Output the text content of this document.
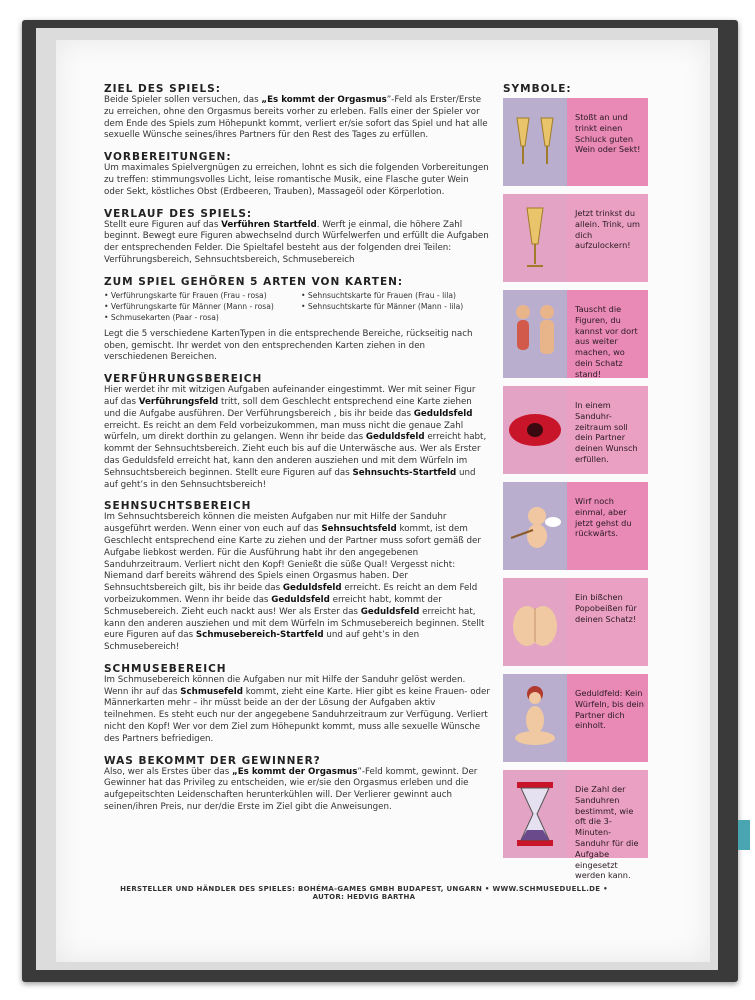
ZIEL DES SPIELS:

Beide Spieler sollen versuchen, das „Es kommt der Orgasmus”-Feld als Erster/Erste zu erreichen, ohne den Orgasmus bereits vorher zu erleben. Falls einer der Spieler vor dem Ende des Spiels zum Höhepunkt kommt, verliert er/sie sofort das Spiel und hat alle sexuelle Wünsche seines/ihres Partners für den Rest des Tages zu erfüllen.

VORBEREITUNGEN:

Um maximales Spielvergnügen zu erreichen, lohnt es sich die folgenden Vorbereitungen zu treffen: stimmungsvolles Licht, leise romantische Musik, eine Flasche guter Wein oder Sekt, köstliches Obst (Erdbeeren, Trauben), Massageöl oder Körperlotion.

VERLAUF DES SPIELS:

Stellt eure Figuren auf das Verführen Startfeld. Werft je einmal, die höhere Zahl beginnt. Bewegt eure Figuren abwechselnd durch Würfelwerfen und erfüllt die Aufgaben der entsprechenden Felder. Die Spieltafel besteht aus der folgenden drei Teilen: Verführungsbereich, Sehnsuchtsbereich, Schmusebereich

ZUM SPIEL GEHÖREN 5 ARTEN VON KARTEN:
• Verführungskarte für Frauen (Frau - rosa)	• Sehnsuchtskarte für Frauen (Frau - lila)
• Verführungskarte für Männer (Mann - rosa)	• Sehnsuchtskarte für Männer (Mann - lila)
• Schmusekarten (Paar - rosa)

Legt die 5 verschiedene KartenTypen in die entsprechende Bereiche, rückseitig nach oben, gemischt. Ihr werdet von den entsprechenden Karten ziehen in den verschiedenen Bereichen.

VERFÜHRUNGSBEREICH

Hier werdet ihr mit witzigen Aufgaben aufeinander eingestimmt. Wer mit seiner Figur auf das Verführungsfeld tritt, soll dem Geschlecht entsprechend eine Karte ziehen und die Aufgabe ausführen. Der Verführungsbereich , bis ihr beide das Geduldsfeld erreicht. Es reicht an dem Feld vorbeizukommen, man muss nicht die genaue Zahl würfeln, um direkt dorthin zu gelangen. Wenn ihr beide das Geduldsfeld erreicht habt, kommt der Sehnsuchtsbereich. Zieht euch bis auf die Unterwäsche aus. Wer als Erster das Geduldsfeld erreicht hat, kann den anderen ausziehen und mit dem Würfeln im Sehnsuchtsbereich beginnen. Stellt eure Figuren auf das Sehnsuchts-Startfeld und auf geht’s in den Sehnsuchtsbereich!

SEHNSUCHTSBEREICH

Im Sehnsuchtsbereich können die meisten Aufgaben nur mit Hilfe der Sanduhr ausgeführt werden. Wenn einer von euch auf das Sehnsuchtsfeld kommt, ist dem Geschlecht entsprechend eine Karte zu ziehen und der Partner muss sofort gemäß der Aufgabe liebkost werden. Für die Ausführung habt ihr den angegebenen Sanduhrzeitraum. Verliert nicht den Kopf! Genießt die süße Qual! Vergesst nicht: Niemand darf bereits während des Spiels einen Orgasmus haben. Der Sehnsuchtsbereich gilt, bis ihr beide das Geduldsfeld erreicht. Es reicht an dem Feld vorbeizukommen. Wenn ihr beide das Geduldsfeld erreicht habt, kommt der Schmusebereich. Zieht euch nackt aus! Wer als Erster das Geduldsfeld erreicht hat, kann den anderen ausziehen und mit dem Würfeln im Schmusebereich beginnen. Stellt eure Figuren auf das Schmusebereich-Startfeld und auf geht’s in den Schmusebereich!

SCHMUSEBEREICH

Im Schmusebereich können die Aufgaben nur mit Hilfe der Sanduhr gelöst werden. Wenn ihr auf das Schmusefeld kommt, zieht eine Karte. Hier gibt es keine Frauen- oder Männerkarten mehr – ihr müsst beide an der der Lösung der Aufgaben aktiv teilnehmen. Es steht euch nur der angegebene Sanduhrzeitraum zur Verfügung. Verliert nicht den Kopf! Wer vor dem Ziel zum Höhepunkt kommt, muss alle sexuelle Wünsche des Partners befriedigen.

WAS BEKOMMT DER GEWINNER?

Also, wer als Erstes über das „Es kommt der Orgasmus”-Feld kommt, gewinnt. Der Gewinner hat das Privileg zu entscheiden, wie er/sie den Orgasmus erleben und die aufgepeitschten Leidenschaften herunterkühlen will. Der Verlierer gewinnt auch seinen/ihren Preis, nur der/die Erste im Ziel gibt die Anweisungen.

HERSTELLER UND HÄNDLER DES SPIELES: BOHÉMA-GAMES GMBH BUDAPEST, UNGARN • WWW.SCHMUSEDUELL.DE • AUTOR: HEDVIG BARTHA
SYMBOLE:
Stoßt an und trinkt einen Schluck guten Wein oder Sekt!
Jetzt trinkst du allein. Trink, um dich aufzulockern!
Tauscht die Figuren, du kannst vor dort aus weiter machen, wo dein Schatz stand!
In einem Sanduhr-zeitraum soll dein Partner deinen Wunsch erfüllen.
Wirf noch einmal, aber jetzt gehst du rückwärts.
Ein bißchen Popobeißen für deinen Schatz!
Geduldfeld: Kein Würfeln, bis dein Partner dich einholt.
Die Zahl der Sanduhren bestimmt, wie oft die 3-Minuten-Sanduhr für die Aufgabe eingesetzt werden kann.
